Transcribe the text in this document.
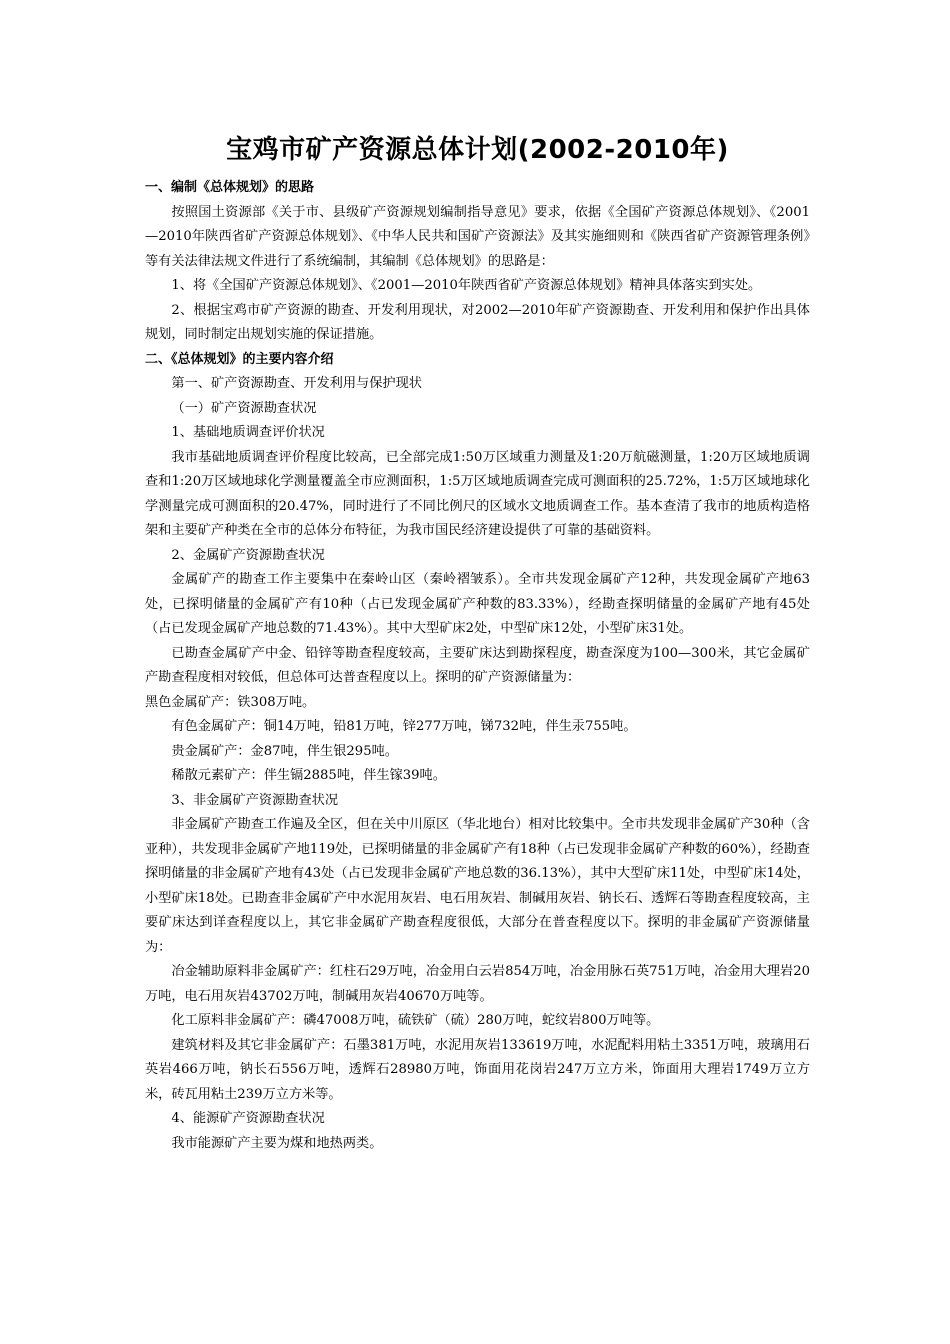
宝鸡市矿产资源总体计划(2002-2010年)

一、编制《总体规划》的思路

按照国土资源部《关于市、县级矿产资源规划编制指导意见》要求，依据《全国矿产资源总体规划》、《2001—2010年陕西省矿产资源总体规划》、《中华人民共和国矿产资源法》及其实施细则和《陕西省矿产资源管理条例》等有关法律法规文件进行了系统编制，其编制《总体规划》的思路是：

1、将《全国矿产资源总体规划》、《2001—2010年陕西省矿产资源总体规划》精神具体落实到实处。

2、根据宝鸡市矿产资源的勘查、开发利用现状，对2002—2010年矿产资源勘查、开发利用和保护作出具体规划，同时制定出规划实施的保证措施。

二、《总体规划》的主要内容介绍

第一、矿产资源勘查、开发利用与保护现状

（一）矿产资源勘查状况

1、基础地质调查评价状况

我市基础地质调查评价程度比较高，已全部完成1:50万区域重力测量及1:20万航磁测量，1:20万区域地质调查和1:20万区域地球化学测量覆盖全市应测面积，1:5万区域地质调查完成可测面积的25.72%，1:5万区域地球化学测量完成可测面积的20.47%，同时进行了不同比例尺的区域水文地质调查工作。基本查清了我市的地质构造格架和主要矿产种类在全市的总体分布特征，为我市国民经济建设提供了可靠的基础资料。

2、金属矿产资源勘查状况

金属矿产的勘查工作主要集中在秦岭山区（秦岭褶皱系）。全市共发现金属矿产12种，共发现金属矿产地63处，已探明储量的金属矿产有10种（占已发现金属矿产种数的83.33%），经勘查探明储量的金属矿产地有45处（占已发现金属矿产地总数的71.43%）。其中大型矿床2处，中型矿床12处，小型矿床31处。

已勘查金属矿产中金、铅锌等勘查程度较高，主要矿床达到勘探程度，勘查深度为100—300米，其它金属矿产勘查程度相对较低，但总体可达普查程度以上。探明的矿产资源储量为：

黑色金属矿产：铁308万吨。

有色金属矿产：铜14万吨，铅81万吨，锌277万吨，锑732吨，伴生汞755吨。

贵金属矿产：金87吨，伴生银295吨。

稀散元素矿产：伴生镉2885吨，伴生镓39吨。

3、非金属矿产资源勘查状况

非金属矿产勘查工作遍及全区，但在关中川原区（华北地台）相对比较集中。全市共发现非金属矿产30种（含亚种），共发现非金属矿产地119处，已探明储量的非金属矿产有18种（占已发现非金属矿产种数的60%），经勘查探明储量的非金属矿产地有43处（占已发现非金属矿产地总数的36.13%），其中大型矿床11处，中型矿床14处，小型矿床18处。已勘查非金属矿产中水泥用灰岩、电石用灰岩、制碱用灰岩、钠长石、透辉石等勘查程度较高，主要矿床达到详查程度以上，其它非金属矿产勘查程度很低，大部分在普查程度以下。探明的非金属矿产资源储量为：

冶金辅助原料非金属矿产：红柱石29万吨，冶金用白云岩854万吨，冶金用脉石英751万吨，冶金用大理岩20万吨，电石用灰岩43702万吨，制碱用灰岩40670万吨等。

化工原料非金属矿产：磷47008万吨，硫铁矿（硫）280万吨，蛇纹岩800万吨等。

建筑材料及其它非金属矿产：石墨381万吨，水泥用灰岩133619万吨，水泥配料用粘土3351万吨，玻璃用石英岩466万吨，钠长石556万吨，透辉石28980万吨，饰面用花岗岩247万立方米，饰面用大理岩1749万立方米，砖瓦用粘土239万立方米等。

4、能源矿产资源勘查状况

我市能源矿产主要为煤和地热两类。
